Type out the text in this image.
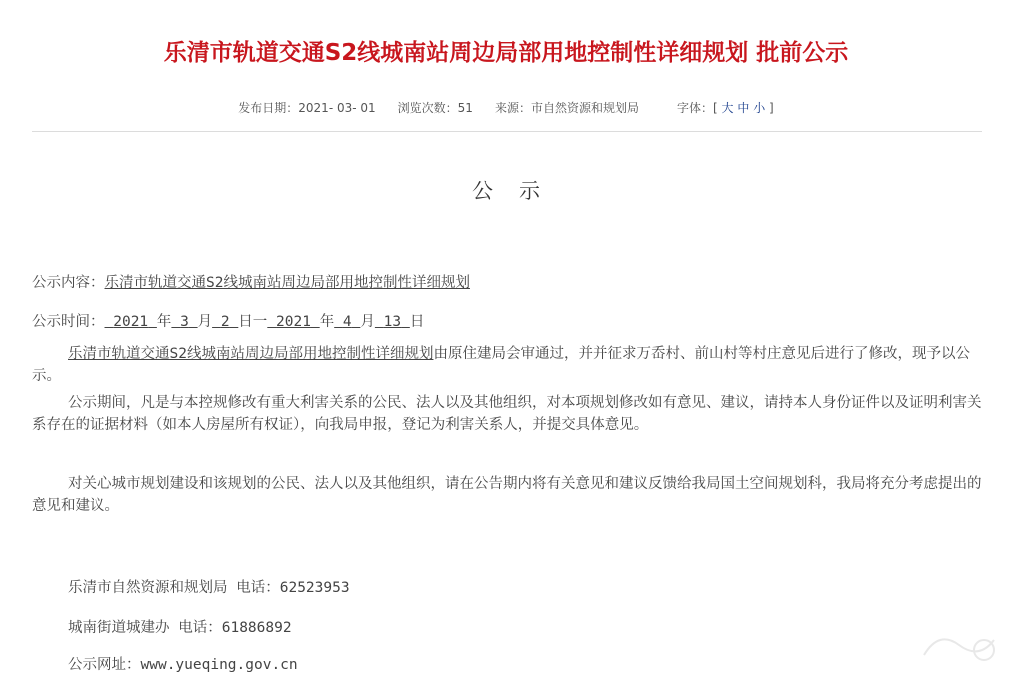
乐清市轨道交通S2线城南站周边局部用地控制性详细规划 批前公示
发布日期：2021- 03- 01 浏览次数：51 来源：市自然资源和规划局	字体：[ 大 中 小 ]
公示
公示内容：乐清市轨道交通S2线城南站周边局部用地控制性详细规划
公示时间： 2021 年 3 月 2 日一 2021 年 4 月 13 日
乐清市轨道交通S2线城南站周边局部用地控制性详细规划由原住建局会审通过，并并征求万岙村、前山村等村庄意见后进行了修改，现予以公示。
公示期间，凡是与本控规修改有重大利害关系的公民、法人以及其他组织，对本项规划修改如有意见、建议，请持本人身份证件以及证明利害关系存在的证据材料（如本人房屋所有权证），向我局申报，登记为利害关系人，并提交具体意见。
对关心城市规划建设和该规划的公民、法人以及其他组织，请在公告期内将有关意见和建议反馈给我局国土空间规划科，我局将充分考虑提出的意见和建议。
乐清市自然资源和规划局 电话：62523953
城南街道城建办 电话：61886892
公示网址：www.yueqing.gov.cn
